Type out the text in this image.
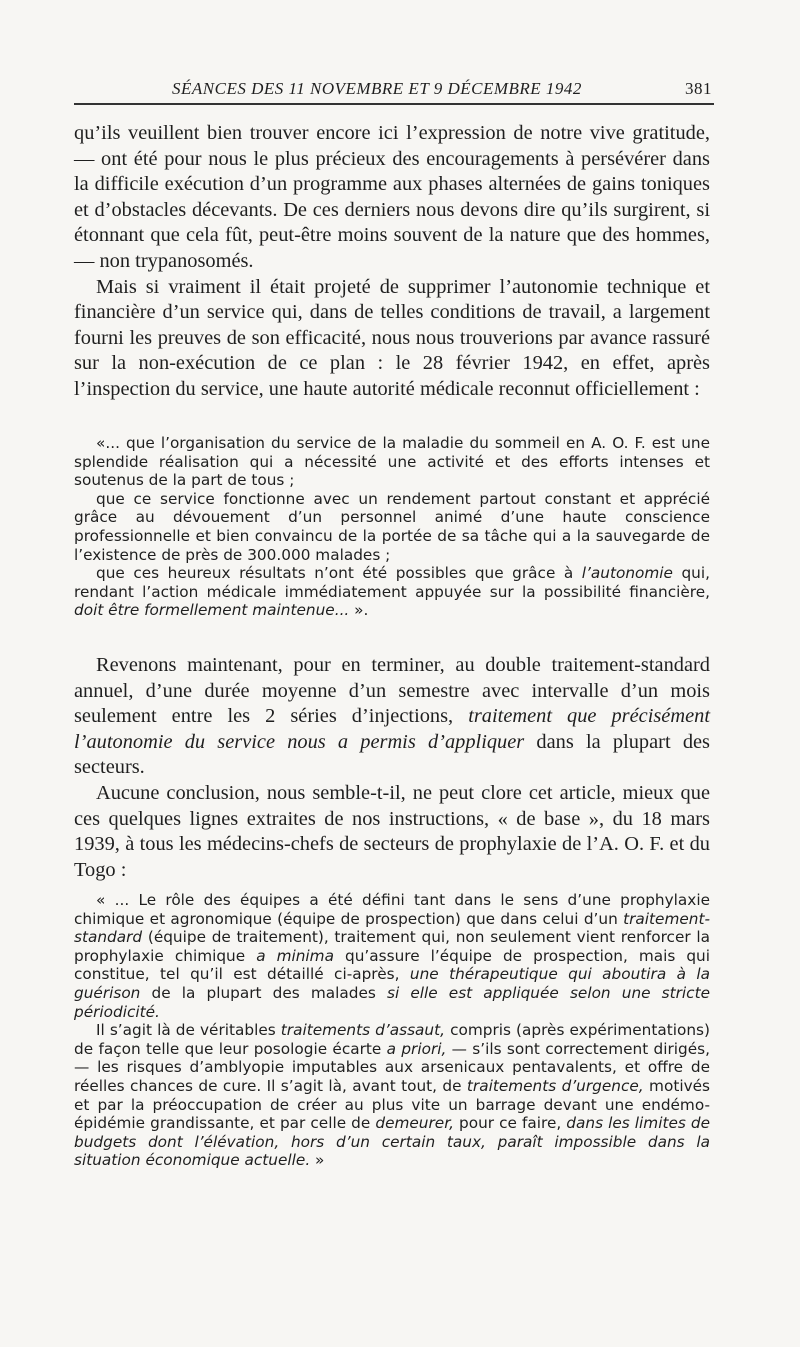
SÉANCES DES 11 NOVEMBRE ET 9 DÉCEMBRE 1942	381

qu’ils veuillent bien trouver encore ici l’expression de notre vive gratitude, — ont été pour nous le plus précieux des encouragements à persévérer dans la difficile exécution d’un programme aux phases alternées de gains toniques et d’obstacles décevants. De ces derniers nous devons dire qu’ils surgirent, si étonnant que cela fût, peut-être moins souvent de la nature que des hommes, — non trypanosomés.

Mais si vraiment il était projeté de supprimer l’autonomie technique et financière d’un service qui, dans de telles conditions de travail, a largement fourni les preuves de son efficacité, nous nous trouverions par avance rassuré sur la non-exécution de ce plan : le 28 février 1942, en effet, après l’inspection du service, une haute autorité médicale reconnut officiellement :

«... que l’organisation du service de la maladie du sommeil en A. O. F. est une splendide réalisation qui a nécessité une activité et des efforts intenses et soutenus de la part de tous ;

que ce service fonctionne avec un rendement partout constant et apprécié grâce au dévouement d’un personnel animé d’une haute conscience professionnelle et bien convaincu de la portée de sa tâche qui a la sauvegarde de l’existence de près de 300.000 malades ;

que ces heureux résultats n’ont été possibles que grâce à l’autonomie qui, rendant l’action médicale immédiatement appuyée sur la possibilité financière, doit être formellement maintenue... ».

Revenons maintenant, pour en terminer, au double traitement-standard annuel, d’une durée moyenne d’un semestre avec intervalle d’un mois seulement entre les 2 séries d’injections, traitement que précisément l’autonomie du service nous a permis d’appliquer dans la plupart des secteurs.

Aucune conclusion, nous semble-t-il, ne peut clore cet article, mieux que ces quelques lignes extraites de nos instructions, « de base », du 18 mars 1939, à tous les médecins-chefs de secteurs de prophylaxie de l’A. O. F. et du Togo :

« ... Le rôle des équipes a été défini tant dans le sens d’une prophylaxie chimique et agronomique (équipe de prospection) que dans celui d’un traitement-standard (équipe de traitement), traitement qui, non seulement vient renforcer la prophylaxie chimique a minima qu’assure l’équipe de prospection, mais qui constitue, tel qu’il est détaillé ci-après, une thérapeutique qui aboutira à la guérison de la plupart des malades si elle est appliquée selon une stricte périodicité.

Il s’agit là de véritables traitements d’assaut, compris (après expérimentations) de façon telle que leur posologie écarte a priori, — s’ils sont correctement dirigés, — les risques d’amblyopie imputables aux arsenicaux pentavalents, et offre de réelles chances de cure. Il s’agit là, avant tout, de traitements d’urgence, motivés et par la préoccupation de créer au plus vite un barrage devant une endémo-épidémie grandissante, et par celle de demeurer, pour ce faire, dans les limites de budgets dont l’élévation, hors d’un certain taux, paraît impossible dans la situation économique actuelle. »
